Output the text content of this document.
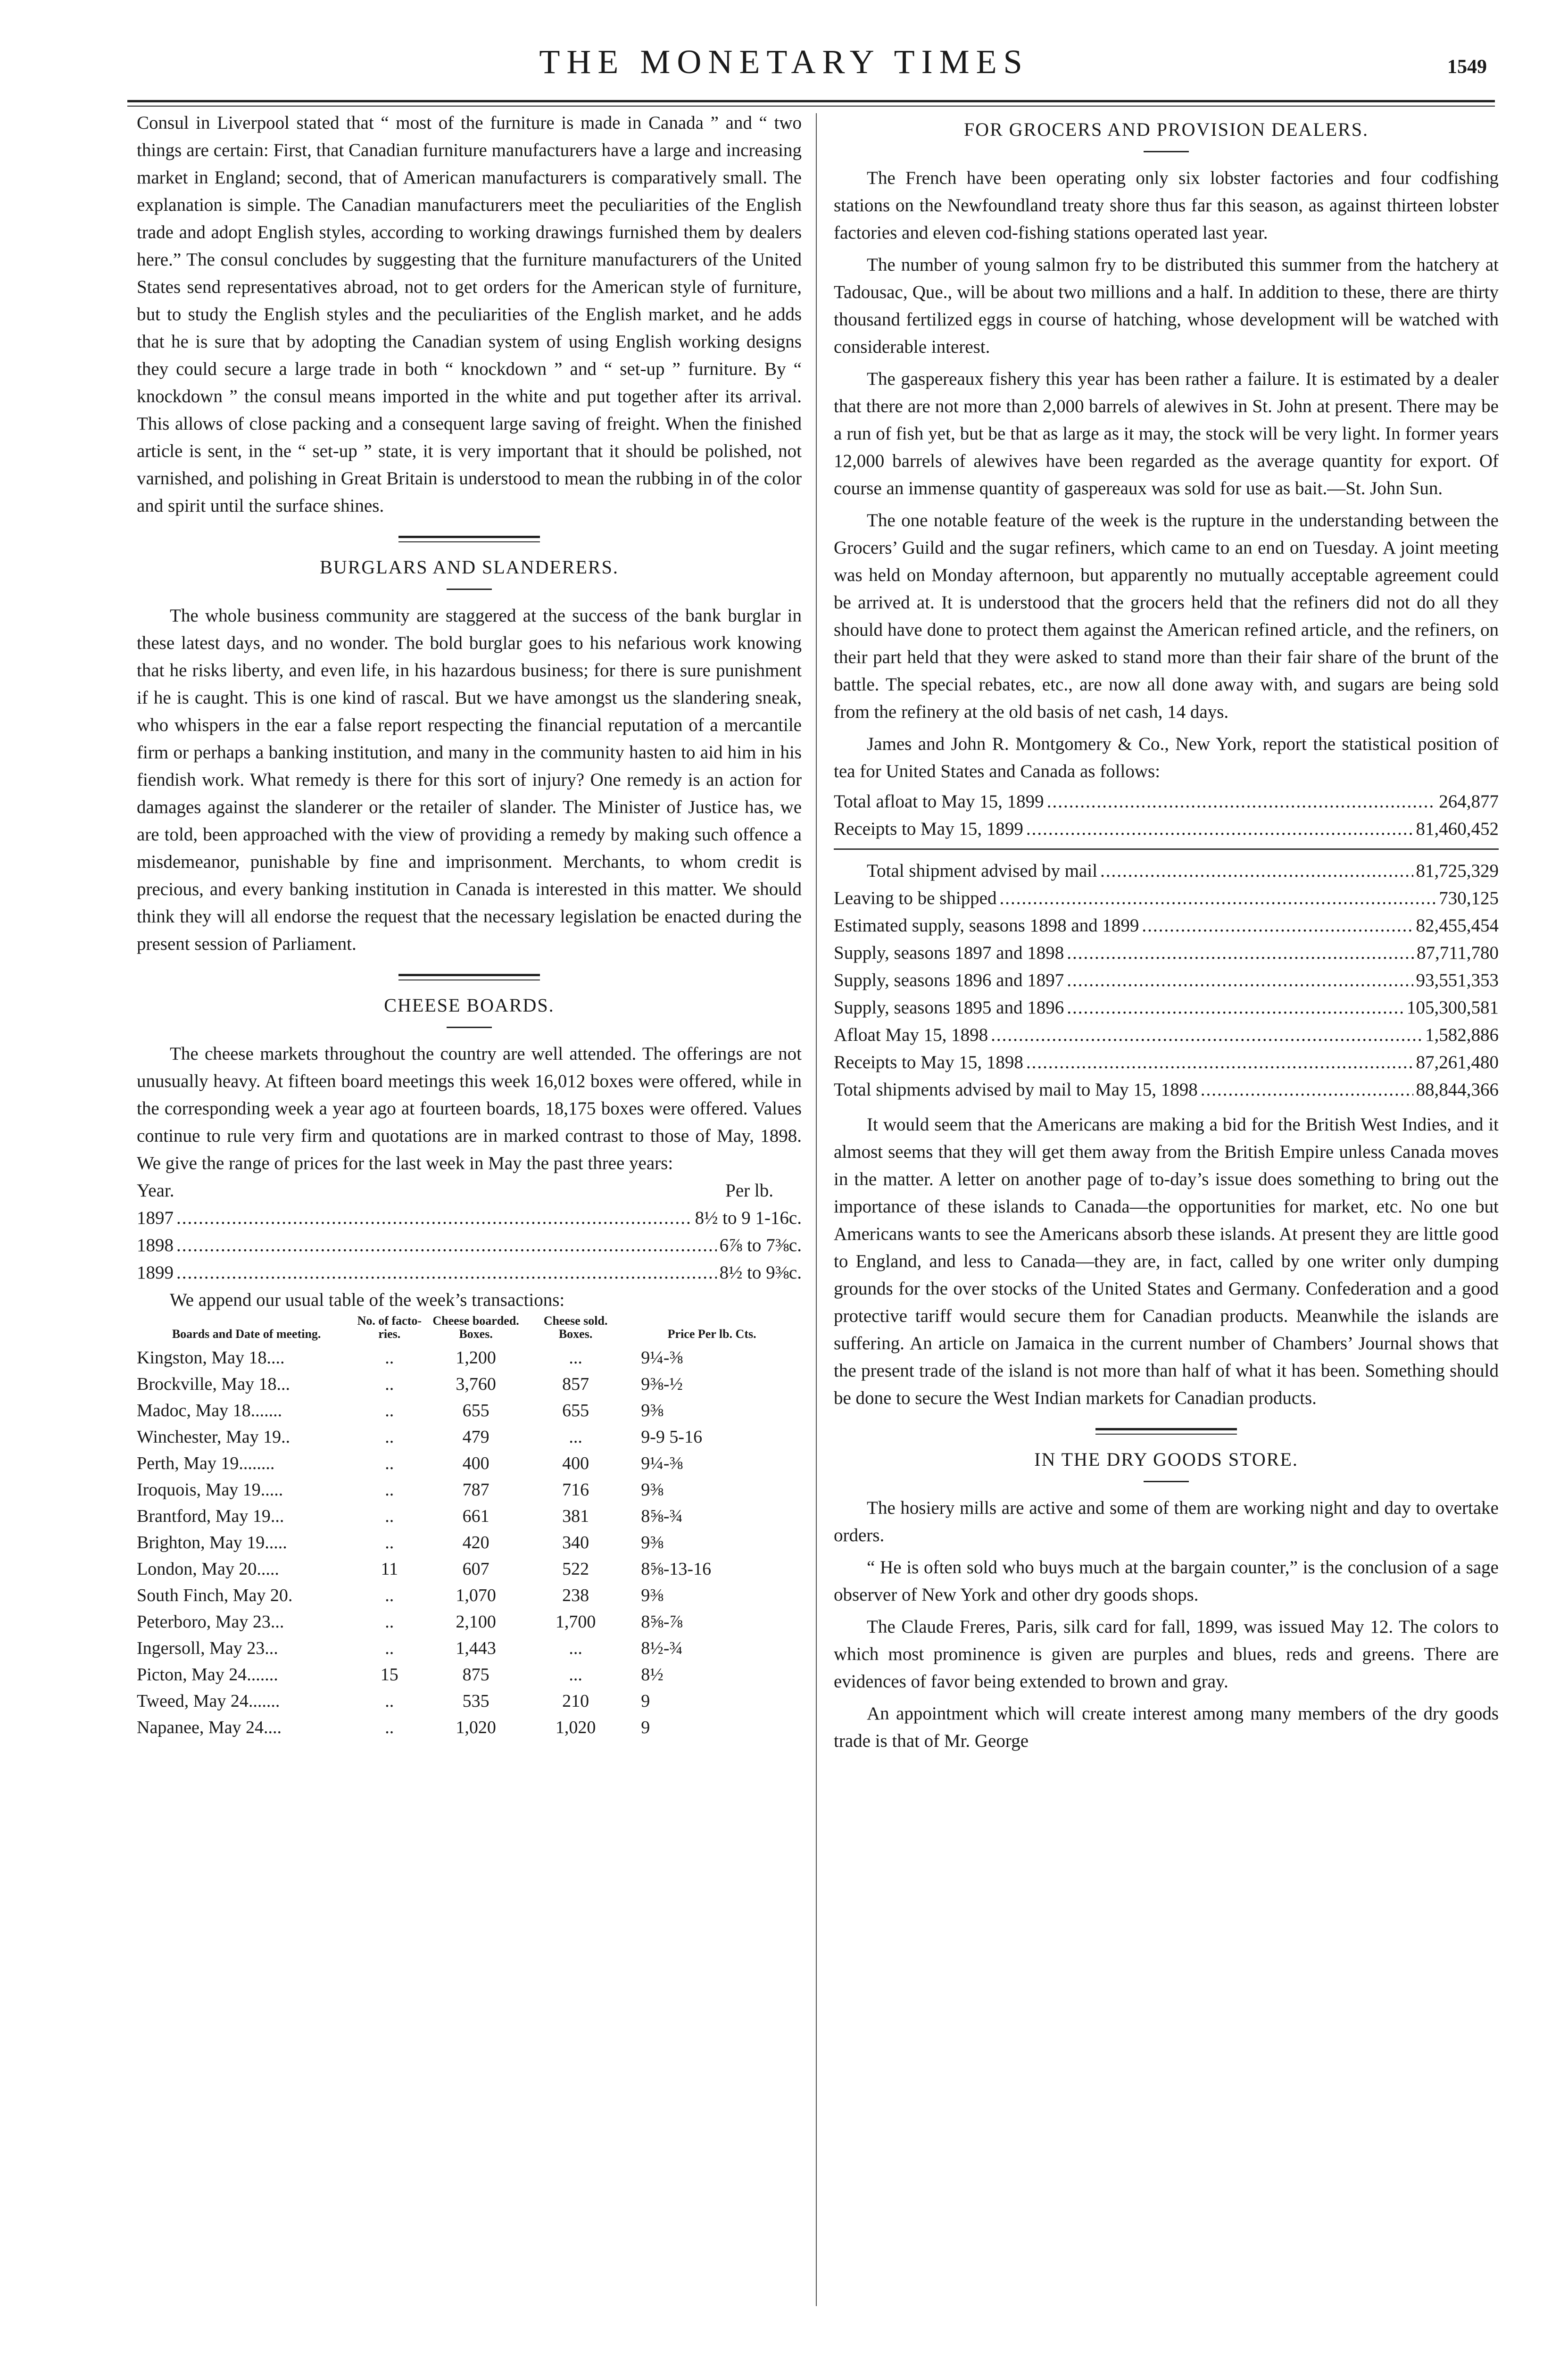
THE MONETARY TIMES	1549

Consul in Liverpool stated that “ most of the furniture is made in Canada ” and “ two things are certain: First, that Canadian furniture manufacturers have a large and increasing market in England; second, that of American manufacturers is comparatively small. The explanation is simple. The Canadian manufacturers meet the peculiarities of the English trade and adopt English styles, according to working drawings furnished them by dealers here.” The consul concludes by suggesting that the furniture manufacturers of the United States send representatives abroad, not to get orders for the American style of furniture, but to study the English styles and the peculiarities of the English market, and he adds that he is sure that by adopting the Canadian system of using English working designs they could secure a large trade in both “ knockdown ” and “ set-up ” furniture. By “ knockdown ” the consul means imported in the white and put together after its arrival. This allows of close packing and a consequent large saving of freight. When the finished article is sent, in the “ set-up ” state, it is very important that it should be polished, not varnished, and polishing in Great Britain is understood to mean the rubbing in of the color and spirit until the surface shines.

BURGLARS AND SLANDERERS.

The whole business community are staggered at the success of the bank burglar in these latest days, and no wonder. The bold burglar goes to his nefarious work knowing that he risks liberty, and even life, in his hazardous business; for there is sure punishment if he is caught. This is one kind of rascal. But we have amongst us the slandering sneak, who whispers in the ear a false report respecting the financial reputation of a mercantile firm or perhaps a banking institution, and many in the community hasten to aid him in his fiendish work. What remedy is there for this sort of injury? One remedy is an action for damages against the slanderer or the retailer of slander. The Minister of Justice has, we are told, been approached with the view of providing a remedy by making such offence a misdemeanor, punishable by fine and imprisonment. Merchants, to whom credit is precious, and every banking institution in Canada is interested in this matter. We should think they will all endorse the request that the necessary legislation be enacted during the present session of Parliament.

CHEESE BOARDS.

The cheese markets throughout the country are well attended. The offerings are not unusually heavy. At fifteen board meetings this week 16,012 boxes were offered, while in the corresponding week a year ago at fourteen boards, 18,175 boxes were offered. Values continue to rule very firm and quotations are in marked contrast to those of May, 1898. We give the range of prices for the last week in May the past three years:

Year.	Per lb.
1897 .....	8½ to 9 1-16c.
1898 .....	6⅞ to 7⅜c.
1899 .....	8½ to 9⅜c.
We append our usual table of the week’s transactions:
Boards and Date of meeting.	No. of facto-ries.	Cheese boarded. Boxes.	Cheese sold. Boxes.	Price Per lb. Cts.
Kingston, May 18....	..	1,200	...	9¼-⅜
Brockville, May 18...	..	3,760	857	9⅜-½
Madoc, May 18.......	..	655	655	9⅜
Winchester, May 19..	..	479	...	9-9 5-16
Perth, May 19........	..	400	400	9¼-⅜
Iroquois, May 19.....	..	787	716	9⅜
Brantford, May 19...	..	661	381	8⅝-¾
Brighton, May 19.....	..	420	340	9⅜
London, May 20.....	11	607	522	8⅝-13-16
South Finch, May 20.	..	1,070	238	9⅜
Peterboro, May 23...	..	2,100	1,700	8⅝-⅞
Ingersoll, May 23...	..	1,443	...	8½-¾
Picton, May 24.......	15	875	...	8½
Tweed, May 24.......	..	535	210	9
Napanee, May 24....	..	1,020	1,020	9
FOR GROCERS AND PROVISION DEALERS.

The French have been operating only six lobster factories and four codfishing stations on the Newfoundland treaty shore thus far this season, as against thirteen lobster factories and eleven cod-fishing stations operated last year.

The number of young salmon fry to be distributed this summer from the hatchery at Tadousac, Que., will be about two millions and a half. In addition to these, there are thirty thousand fertilized eggs in course of hatching, whose development will be watched with considerable interest.

The gaspereaux fishery this year has been rather a failure. It is estimated by a dealer that there are not more than 2,000 barrels of alewives in St. John at present. There may be a run of fish yet, but be that as large as it may, the stock will be very light. In former years 12,000 barrels of alewives have been regarded as the average quantity for export. Of course an immense quantity of gaspereaux was sold for use as bait.—St. John Sun.

The one notable feature of the week is the rupture in the understanding between the Grocers’ Guild and the sugar refiners, which came to an end on Tuesday. A joint meeting was held on Monday afternoon, but apparently no mutually acceptable agreement could be arrived at. It is understood that the grocers held that the refiners did not do all they should have done to protect them against the American refined article, and the refiners, on their part held that they were asked to stand more than their fair share of the brunt of the battle. The special rebates, etc., are now all done away with, and sugars are being sold from the refinery at the old basis of net cash, 14 days.

James and John R. Montgomery & Co., New York, report the statistical position of tea for United States and Canada as follows:

Total afloat to May 15, 1899 .....	264,877
Receipts to May 15, 1899 .....	81,460,452
Total shipment advised by mail .....	81,725,329
Leaving to be shipped .....	730,125
Estimated supply, seasons 1898 and 1899 .....	82,455,454
Supply, seasons 1897 and 1898 .....	87,711,780
Supply, seasons 1896 and 1897 .....	93,551,353
Supply, seasons 1895 and 1896 .....	105,300,581
Afloat May 15, 1898 .....	1,582,886
Receipts to May 15, 1898 .....	87,261,480
Total shipments advised by mail to May 15, 1898 .....	88,844,366

It would seem that the Americans are making a bid for the British West Indies, and it almost seems that they will get them away from the British Empire unless Canada moves in the matter. A letter on another page of to-day’s issue does something to bring out the importance of these islands to Canada—the opportunities for market, etc. No one but Americans wants to see the Americans absorb these islands. At present they are little good to England, and less to Canada—they are, in fact, called by one writer only dumping grounds for the over stocks of the United States and Germany. Confederation and a good protective tariff would secure them for Canadian products. Meanwhile the islands are suffering. An article on Jamaica in the current number of Chambers’ Journal shows that the present trade of the island is not more than half of what it has been. Something should be done to secure the West Indian markets for Canadian products.

IN THE DRY GOODS STORE.

The hosiery mills are active and some of them are working night and day to overtake orders.

“ He is often sold who buys much at the bargain counter,” is the conclusion of a sage observer of New York and other dry goods shops.

The Claude Freres, Paris, silk card for fall, 1899, was issued May 12. The colors to which most prominence is given are purples and blues, reds and greens. There are evidences of favor being extended to brown and gray.

An appointment which will create interest among many members of the dry goods trade is that of Mr. George
